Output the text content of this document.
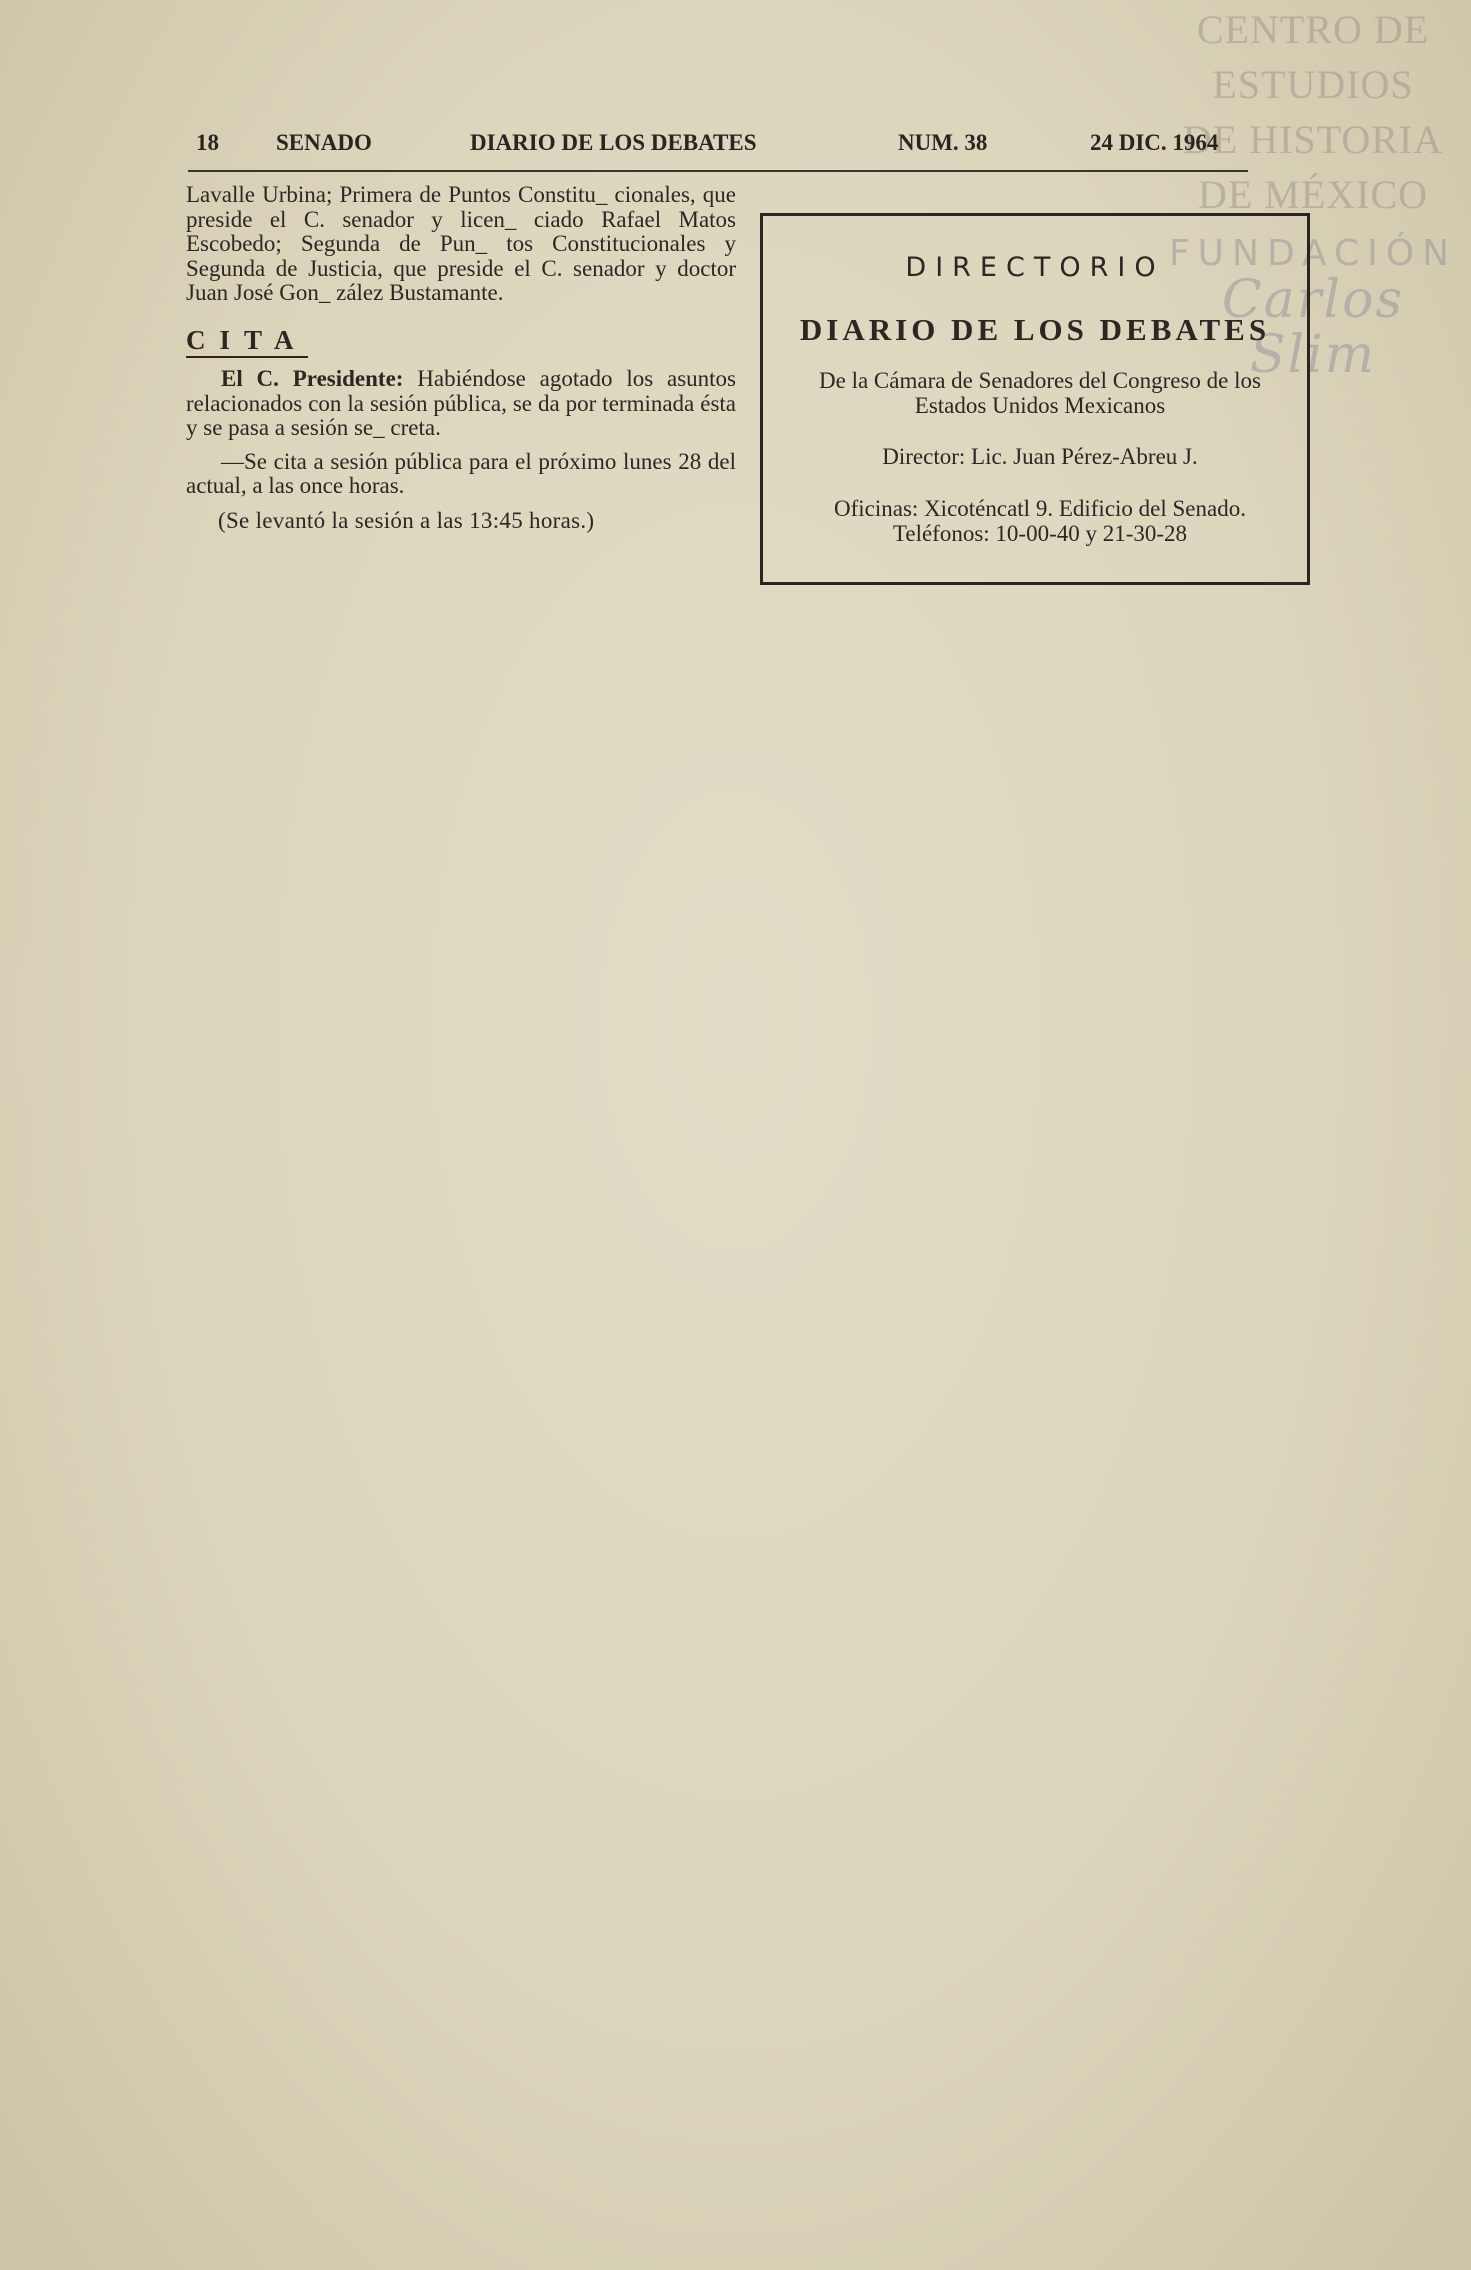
CENTRO DE
ESTUDIOS
DE HISTORIA
DE MÉXICO
FUNDACIÓN
Carlos Slim
18 SENADO	DIARIO DE LOS DEBATES	NUM. 38	24 DIC. 1964

Lavalle Urbina; Primera de Puntos Constitu_ cionales, que preside el C. senador y licen_ ciado Rafael Matos Escobedo; Segunda de Pun_ tos Constitucionales y Segunda de Justicia, que preside el C. senador y doctor Juan José Gon_ zález Bustamante.

CITA

El C. Presidente: Habiéndose agotado los asuntos relacionados con la sesión pública, se da por terminada ésta y se pasa a sesión se_ creta.

—Se cita a sesión pública para el próximo lunes 28 del actual, a las once horas.

(Se levantó la sesión a las 13:45 horas.)

DIRECTORIO
DIARIO DE LOS DEBATES
De la Cámara de Senadores del Congreso de los Estados Unidos Mexicanos
Director: Lic. Juan Pérez-Abreu J.
Oficinas: Xicoténcatl 9. Edificio del Senado. Teléfonos: 10-00-40 y 21-30-28
